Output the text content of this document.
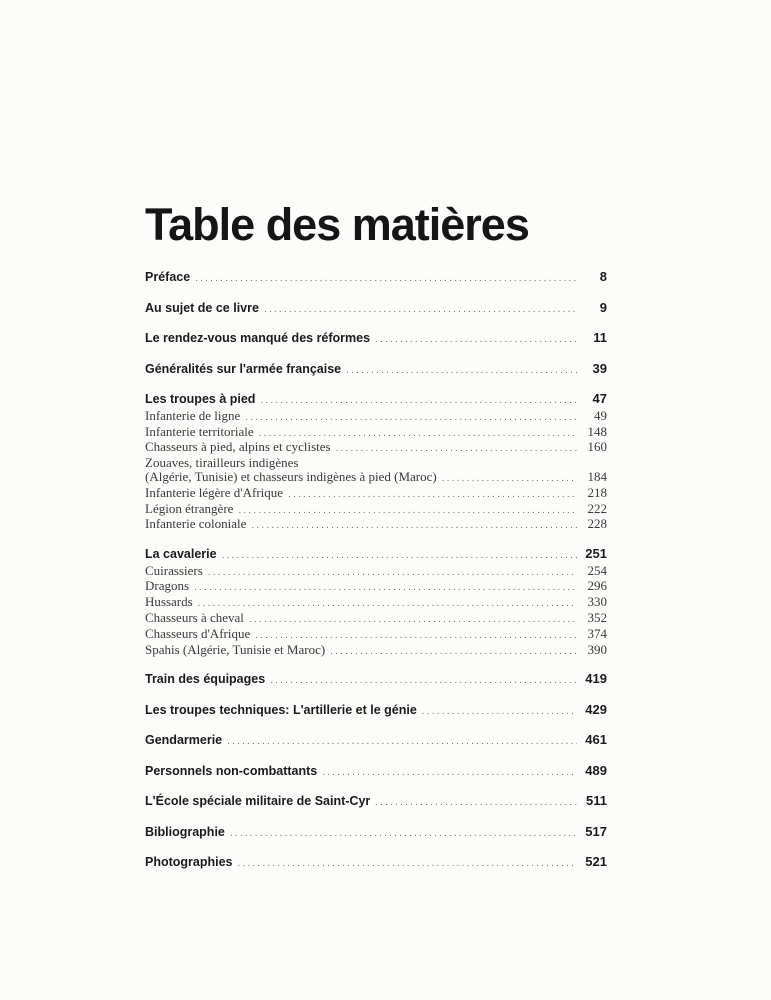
Table des matières
Préface .....	8
Au sujet de ce livre .....	9
Le rendez-vous manqué des réformes .....	11
Généralités sur l'armée française .....	39
Les troupes à pied .....	47
Infanterie de ligne .....	49
Infanterie territoriale .....	148
Chasseurs à pied, alpins et cyclistes .....	160
Zouaves, tirailleurs indigènes
(Algérie, Tunisie) et chasseurs indigènes à pied (Maroc) .....	184
Infanterie légère d'Afrique .....	218
Légion étrangère .....	222
Infanterie coloniale .....	228
La cavalerie .....	251
Cuirassiers .....	254
Dragons .....	296
Hussards .....	330
Chasseurs à cheval .....	352
Chasseurs d'Afrique .....	374
Spahis (Algérie, Tunisie et Maroc) .....	390
Train des équipages .....	419
Les troupes techniques: L'artillerie et le génie .....	429
Gendarmerie .....	461
Personnels non-combattants .....	489
L'École spéciale militaire de Saint-Cyr .....	511
Bibliographie .....	517
Photographies .....	521
